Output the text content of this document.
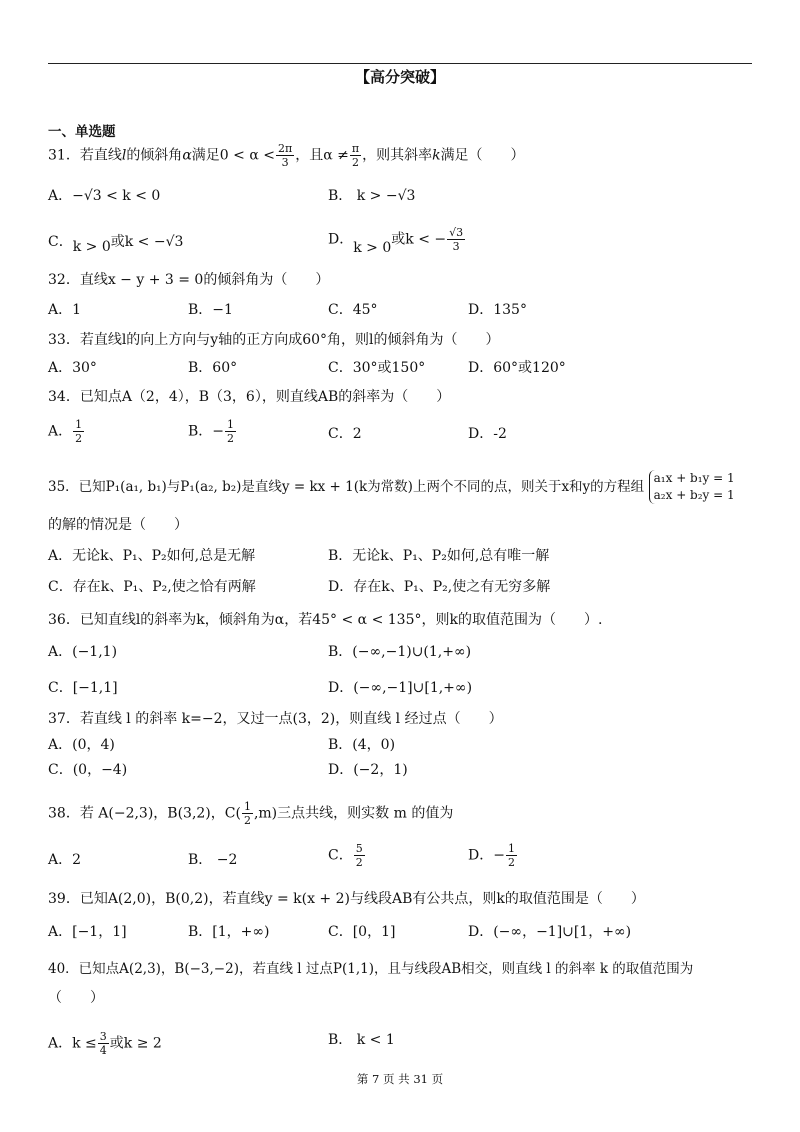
【高分突破】
一、单选题
31．若直线l的倾斜角α满足$0 < \alpha < \frac{2\pi}{3}$ ，且$\alpha \ne \frac{\pi}{2}$ ，则其斜率k满足（　　）
A．−√3 < k < 0	B． k > −√3
C．k > 0或k < −√3	D．k > 0或k < − $\frac{√3}{3}$
32．直线x − y + 3 = 0的倾斜角为（　　）
A．1	B．−1	C．45°	D．135°
33．若直线l的向上方向与y轴的正方向成60°角，则l的倾斜角为（　　）
A．30°	B．60°	C．30°或150°	D．60°或120°
34．已知点A（2，4），B（3，6），则直线AB的斜率为（　　）
A． $\frac{1}{2}$	B．− $\frac{1}{2}$	C．2	D．-2
35．已知P₁(a₁, b₁)与P₁(a₂, b₂)是直线y = kx + 1(k为常数)上两个不同的点，则关于x和y的方程组
a₁x + b₁y = 1
a₂x + b₂y = 1
的解的情况是（　　）
A．无论k、P₁、P₂如何,总是无解	B．无论k、P₁、P₂如何,总有唯一解
C．存在k、P₁、P₂,使之恰有两解	D．存在k、P₁、P₂,使之有无穷多解
36．已知直线l的斜率为k，倾斜角为α，若45° < α < 135°，则k的取值范围为（　　）.
A．(−1,1)	B．(−∞,−1)∪(1,+∞)
C．[−1,1]	D．(−∞,−1]∪[1,+∞)
37．若直线 l 的斜率 k=−2，又过一点(3，2)，则直线 l 经过点（　　）
A．(0，4)	B．(4，0)
C．(0，−4)	D．(−2，1)
38．若 A(−2,3)，B(3,2)，$C( \frac{1}{2} ,m)$三点共线，则实数 m 的值为
A．2	B． −2	C． $\frac{5}{2}$	D．− $\frac{1}{2}$
39．已知A(2,0)，B(0,2)，若直线y = k(x + 2)与线段AB有公共点，则k的取值范围是（　　）
A．[−1，1]	B．[1，+∞)	C．[0，1]	D．(−∞，−1]∪[1，+∞)
40．已知点A(2,3)，B(−3,−2)，若直线 l 过点P(1,1)，且与线段AB相交，则直线 l 的斜率 k 的取值范围为
（　　）
A．$k \le \frac{3}{4}$ 或k ≥ 2	B． k < 1
第 7 页 共 31 页
